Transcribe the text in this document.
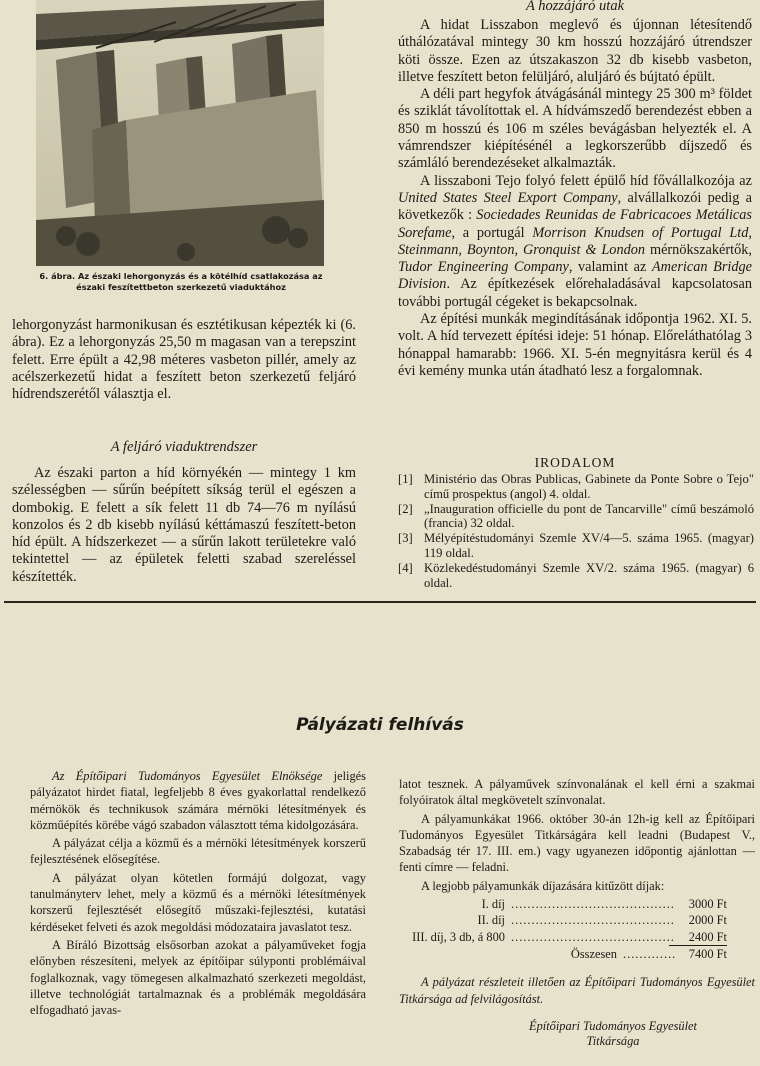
6. ábra. Az északi lehorgonyzás és a kötélhíd csatlakozása az északi feszítettbeton szerkezetű viaduktához

lehorgonyzást harmonikusan és esztétikusan képezték ki (6. ábra). Ez a lehorgonyzás 25,50 m magasan van a terepszint felett. Erre épült a 42,98 méteres vasbeton pillér, amely az acélszerkezetű hidat a feszített beton szerkezetű feljáró hídrendszerétől választja el.

A feljáró viaduktrendszer

Az északi parton a híd környékén — mintegy 1 km szélességben — sűrűn beépített síkság terül el egészen a dombokig. E felett a sík felett 11 db 74—76 m nyílású konzolos és 2 db kisebb nyílású kéttámaszú feszített-beton híd épült. A hídszerkezet — a sűrűn lakott területekre való tekintettel — az épületek feletti szabad szereléssel készítették.

A hozzájáró utak

A hidat Lisszabon meglevő és újonnan létesítendő úthálózatával mintegy 30 km hosszú hozzájáró útrendszer köti össze. Ezen az útszakaszon 32 db kisebb vasbeton, illetve feszített beton felüljáró, aluljáró és bújtató épült.

A déli part hegyfok átvágásánál mintegy 25 300 m³ földet és sziklát távolítottak el. A hídvámszedő berendezést ebben a 850 m hosszú és 106 m széles bevágásban helyezték el. A vámrendszer kiépítésénél a legkorszerűbb díjszedő és számláló berendezéseket alkalmazták.

A lisszaboni Tejo folyó felett épülő híd fővállalkozója az United States Steel Export Company, alvállalkozói pedig a következők : Sociedades Reunidas de Fabricacoes Metálicas Sorefame, a portugál Morrison Knudsen of Portugal Ltd, Steinmann, Boynton, Gronquist & London mérnökszakértők, Tudor Engineering Company, valamint az American Bridge Division. Az építkezések előrehaladásával kapcsolatosan további portugál cégeket is bekapcsolnak.

Az építési munkák megindításának időpontja 1962. XI. 5. volt. A híd tervezett építési ideje: 51 hónap. Előreláthatólag 3 hónappal hamarabb: 1966. XI. 5-én megnyitásra kerül és 4 évi kemény munka után átadható lesz a forgalomnak.

IRODALOM
[1] Ministério das Obras Publicas, Gabinete da Ponte Sobre o Tejo" című prospektus (angol) 4. oldal.
[2] „Inauguration officielle du pont de Tancarville" című beszámoló (francia) 32 oldal.
[3] Mélyépítéstudományi Szemle XV/4—5. száma 1965. (magyar) 119 oldal.
[4] Közlekedéstudományi Szemle XV/2. száma 1965. (magyar) 6 oldal.
Pályázati felhívás

Az Építőipari Tudományos Egyesület Elnöksége jeligés pályázatot hirdet fiatal, legfeljebb 8 éves gyakorlattal rendelkező mérnökök és technikusok számára mérnöki létesítmények és közműépítés körébe vágó szabadon választott téma kidolgozására.

A pályázat célja a közmű és a mérnöki létesítmények korszerű fejlesztésének elősegítése.

A pályázat olyan kötetlen formájú dolgozat, vagy tanulmányterv lehet, mely a közmű és a mérnöki létesítmények korszerű fejlesztését elősegítő műszaki-fejlesztési, kutatási kérdéseket felveti és azok megoldási módozataira javaslatot tesz.

A Bíráló Bizottság elsősorban azokat a pályaműveket fogja előnyben részesíteni, melyek az építőipar súlyponti problémáival foglalkoznak, vagy tömegesen alkalmazható szerkezeti megoldást, illetve technológiát tartalmaznak és a problémák megoldására elfogadható javas-

latot tesznek. A pályaművek színvonalának el kell érni a szakmai folyóiratok által megkövetelt színvonalat.

A pályamunkákat 1966. október 30-án 12h-ig kell az Építőipari Tudományos Egyesület Titkárságára kell leadni (Budapest V., Szabadság tér 17. III. em.) vagy ugyanezen időpontig ajánlottan — fenti címre — feladni.

A legjobb pályamunkák díjazására kitűzött díjak:

I. díj ........................................	3000 Ft
II. díj ........................................	2000 Ft
III. díj, 3 db, á 800 ........................................	2400 Ft
Összesen .............	7400 Ft

A pályázat részleteit illetően az Építőipari Tudományos Egyesület Titkársága ad felvilágosítást.

Építőipari Tudományos Egyesület
Titkársága
